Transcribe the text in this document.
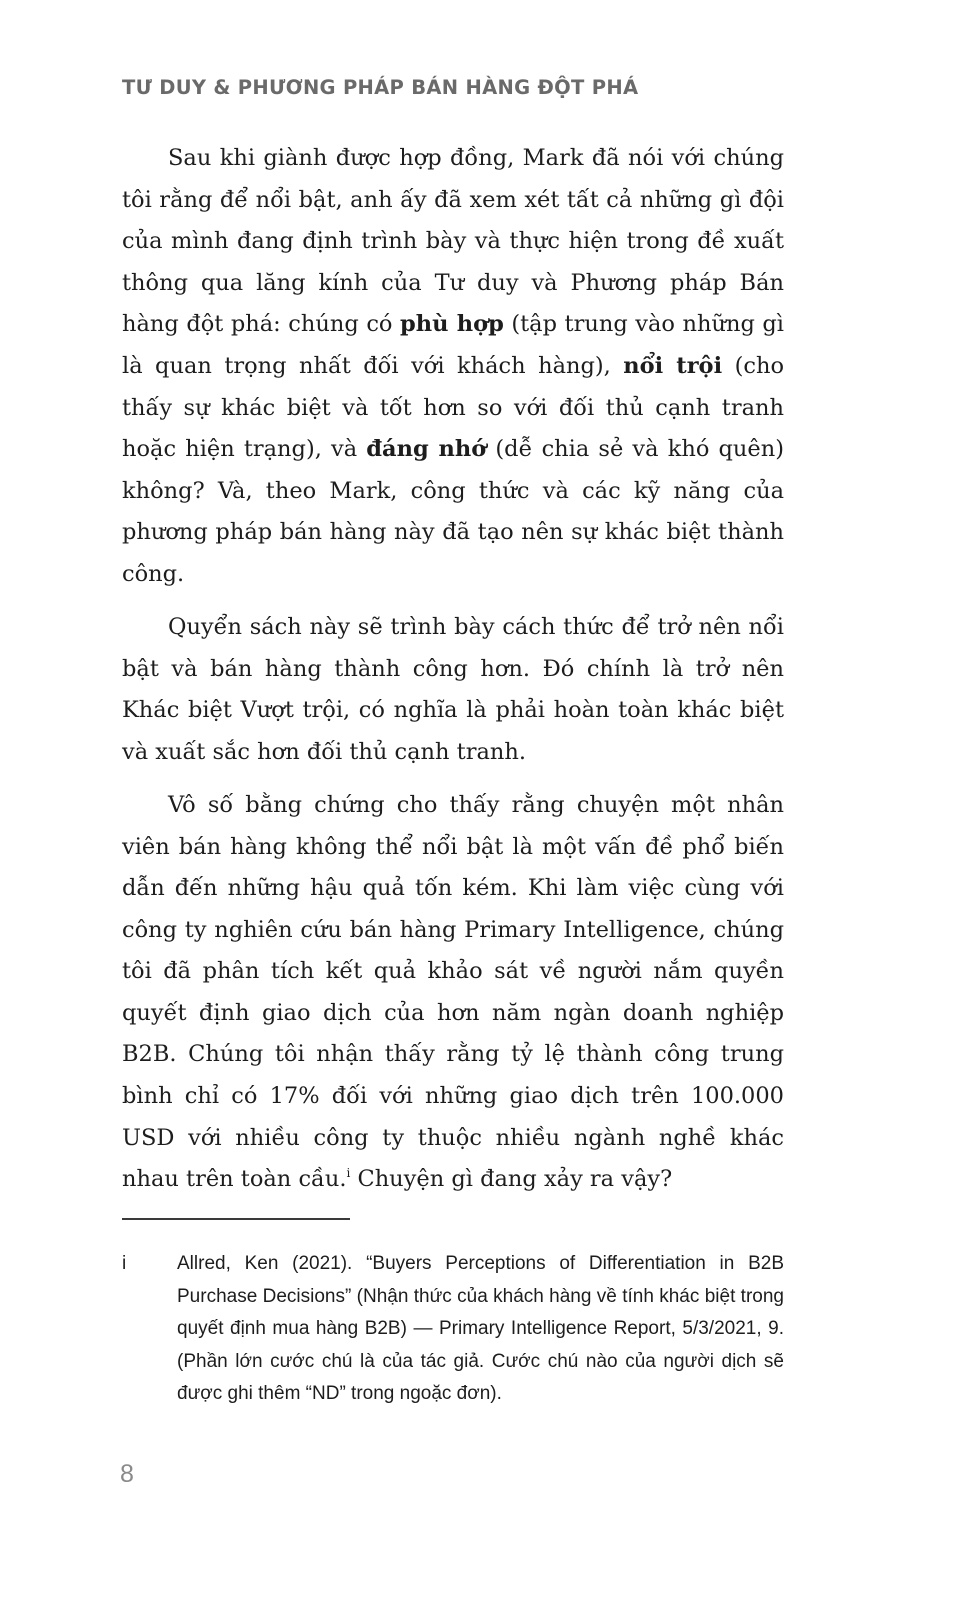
TƯ DUY & PHƯƠNG PHÁP BÁN HÀNG ĐỘT PHÁ

Sau khi giành được hợp đồng, Mark đã nói với chúng tôi rằng để nổi bật, anh ấy đã xem xét tất cả những gì đội của mình đang định trình bày và thực hiện trong đề xuất thông qua lăng kính của Tư duy và Phương pháp Bán hàng đột phá: chúng có phù hợp (tập trung vào những gì là quan trọng nhất đối với khách hàng), nổi trội (cho thấy sự khác biệt và tốt hơn so với đối thủ cạnh tranh hoặc hiện trạng), và đáng nhớ (dễ chia sẻ và khó quên) không? Và, theo Mark, công thức và các kỹ năng của phương pháp bán hàng này đã tạo nên sự khác biệt thành công.

Quyển sách này sẽ trình bày cách thức để trở nên nổi bật và bán hàng thành công hơn. Đó chính là trở nên Khác biệt Vượt trội, có nghĩa là phải hoàn toàn khác biệt và xuất sắc hơn đối thủ cạnh tranh.

Vô số bằng chứng cho thấy rằng chuyện một nhân viên bán hàng không thể nổi bật là một vấn đề phổ biến dẫn đến những hậu quả tốn kém. Khi làm việc cùng với công ty nghiên cứu bán hàng Primary Intelligence, chúng tôi đã phân tích kết quả khảo sát về người nắm quyền quyết định giao dịch của hơn năm ngàn doanh nghiệp B2B. Chúng tôi nhận thấy rằng tỷ lệ thành công trung bình chỉ có 17% đối với những giao dịch trên 100.000 USD với nhiều công ty thuộc nhiều ngành nghề khác nhau trên toàn cầu.$^i$ Chuyện gì đang xảy ra vậy?

i	Allred, Ken (2021). “Buyers Perceptions of Differentiation in B2B Purchase Decisions” (Nhận thức của khách hàng về tính khác biệt trong quyết định mua hàng B2B) — Primary Intelligence Report, 5/3/2021, 9. (Phần lớn cước chú là của tác giả. Cước chú nào của người dịch sẽ được ghi thêm “ND” trong ngoặc đơn).
8
